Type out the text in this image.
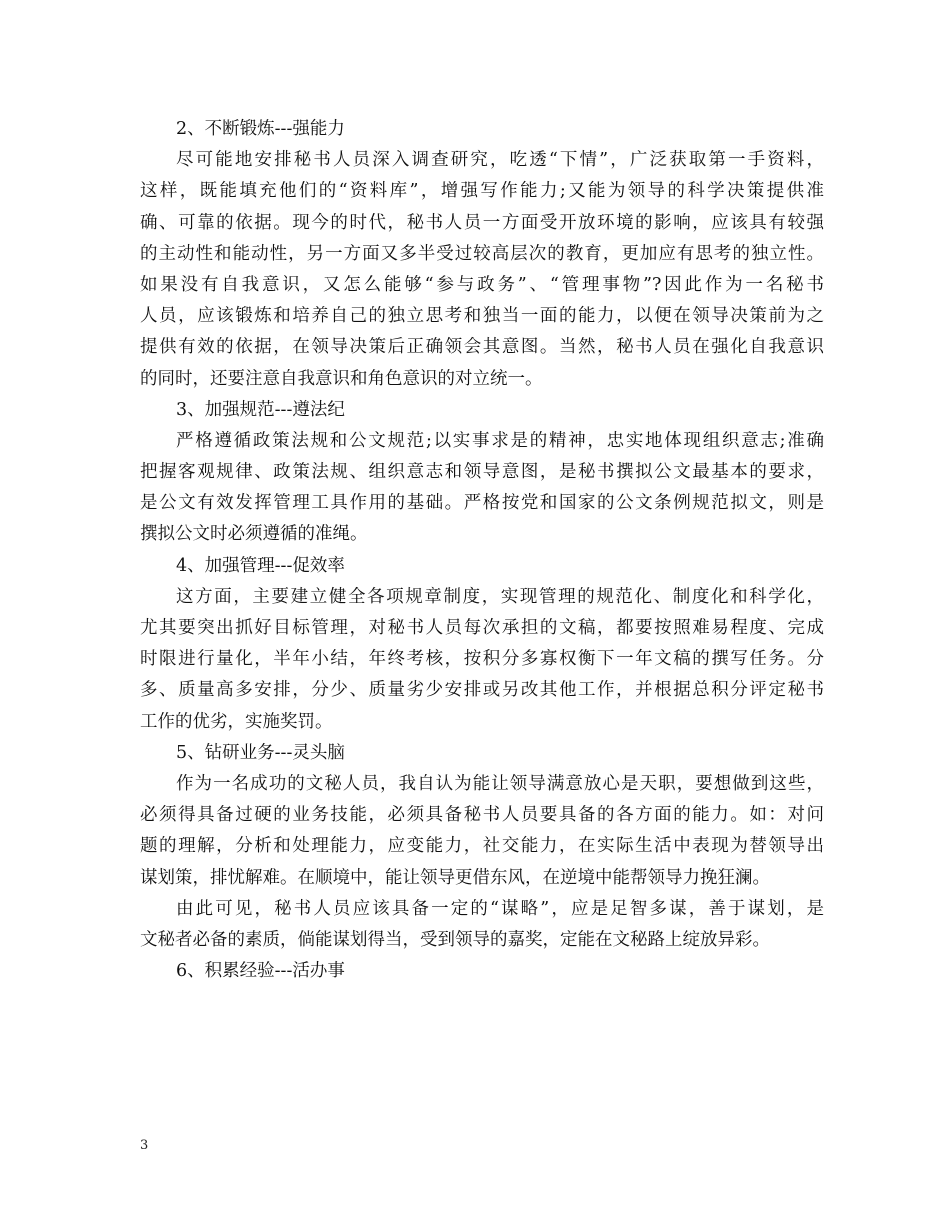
2、不断锻炼---强能力
尽可能地安排秘书人员深入调查研究，吃透“下情”，广泛获取第一手资料，
这样，既能填充他们的“资料库”，增强写作能力;又能为领导的科学决策提供准
确、可靠的依据。现今的时代，秘书人员一方面受开放环境的影响，应该具有较强
的主动性和能动性，另一方面又多半受过较高层次的教育，更加应有思考的独立性。
如果没有自我意识，又怎么能够“参与政务”、“管理事物”?因此作为一名秘书
人员，应该锻炼和培养自己的独立思考和独当一面的能力，以便在领导决策前为之
提供有效的依据，在领导决策后正确领会其意图。当然，秘书人员在强化自我意识
的同时，还要注意自我意识和角色意识的对立统一。
3、加强规范---遵法纪
严格遵循政策法规和公文规范;以实事求是的精神，忠实地体现组织意志;准确
把握客观规律、政策法规、组织意志和领导意图，是秘书撰拟公文最基本的要求，
是公文有效发挥管理工具作用的基础。严格按党和国家的公文条例规范拟文，则是
撰拟公文时必须遵循的准绳。
4、加强管理---促效率
这方面，主要建立健全各项规章制度，实现管理的规范化、制度化和科学化，
尤其要突出抓好目标管理，对秘书人员每次承担的文稿，都要按照难易程度、完成
时限进行量化，半年小结，年终考核，按积分多寡权衡下一年文稿的撰写任务。分
多、质量高多安排，分少、质量劣少安排或另改其他工作，并根据总积分评定秘书
工作的优劣，实施奖罚。
5、钻研业务---灵头脑
作为一名成功的文秘人员，我自认为能让领导满意放心是天职，要想做到这些，
必须得具备过硬的业务技能，必须具备秘书人员要具备的各方面的能力。如：对问
题的理解，分析和处理能力，应变能力，社交能力，在实际生活中表现为替领导出
谋划策，排忧解难。在顺境中，能让领导更借东风，在逆境中能帮领导力挽狂澜。
由此可见，秘书人员应该具备一定的“谋略”，应是足智多谋，善于谋划，是
文秘者必备的素质，倘能谋划得当，受到领导的嘉奖，定能在文秘路上绽放异彩。
6、积累经验---活办事
3
